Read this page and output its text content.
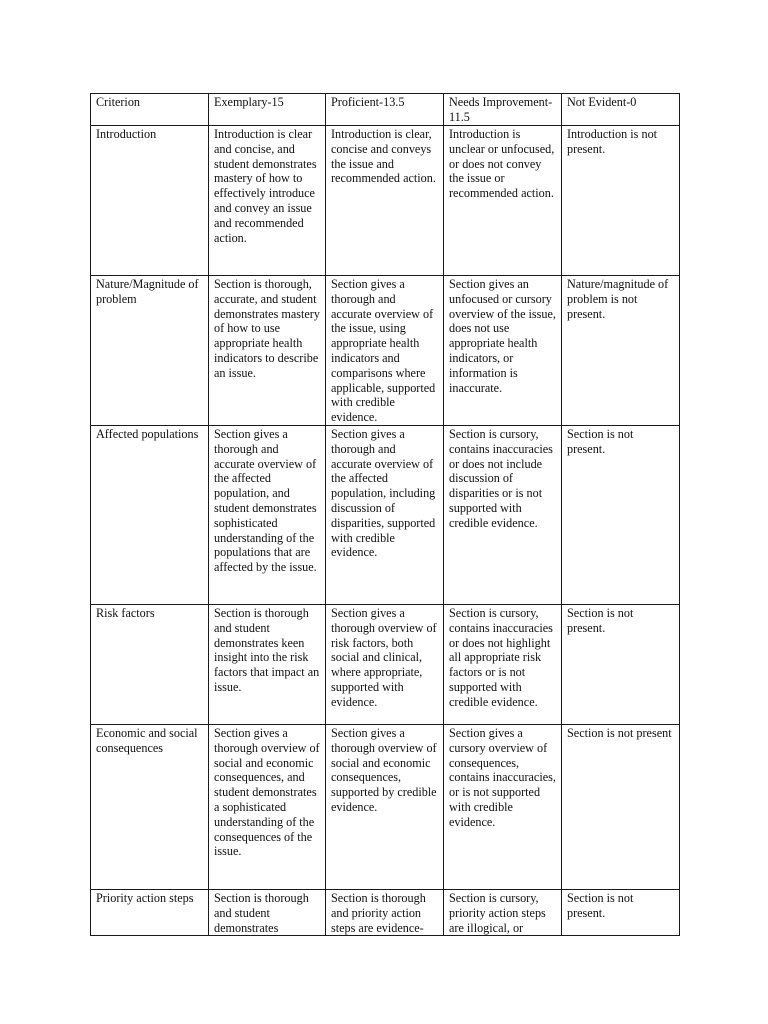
Criterion	Exemplary-15	Proficient-13.5	Needs Improvement-11.5	Not Evident-0
Introduction	Introduction is clear and concise, and student demonstrates mastery of how to effectively introduce and convey an issue and recommended action.	Introduction is clear, concise and conveys the issue and recommended action.	Introduction is unclear or unfocused, or does not convey the issue or recommended action.	Introduction is not present.
Nature/Magnitude of problem	Section is thorough, accurate, and student demonstrates mastery of how to use appropriate health indicators to describe an issue.	Section gives a thorough and accurate overview of the issue, using appropriate health indicators and comparisons where applicable, supported with credible evidence.	Section gives an unfocused or cursory overview of the issue, does not use appropriate health indicators, or information is inaccurate.	Nature/magnitude of problem is not present.
Affected populations	Section gives a thorough and accurate overview of the affected population, and student demonstrates sophisticated understanding of the populations that are affected by the issue.	Section gives a thorough and accurate overview of the affected population, including discussion of disparities, supported with credible evidence.	Section is cursory, contains inaccuracies or does not include discussion of disparities or is not supported with credible evidence.	Section is not present.
Risk factors	Section is thorough and student demonstrates keen insight into the risk factors that impact an issue.	Section gives a thorough overview of risk factors, both social and clinical, where appropriate, supported with evidence.	Section is cursory, contains inaccuracies or does not highlight all appropriate risk factors or is not supported with credible evidence.	Section is not present.
Economic and social consequences	Section gives a thorough overview of social and economic consequences, and student demonstrates a sophisticated understanding of the consequences of the issue.	Section gives a thorough overview of social and economic consequences, supported by credible evidence.	Section gives a cursory overview of consequences, contains inaccuracies, or is not supported with credible evidence.	Section is not present
Priority action steps	Section is thorough and student demonstrates	Section is thorough and priority action steps are evidence-	Section is cursory, priority action steps are illogical, or	Section is not present.
